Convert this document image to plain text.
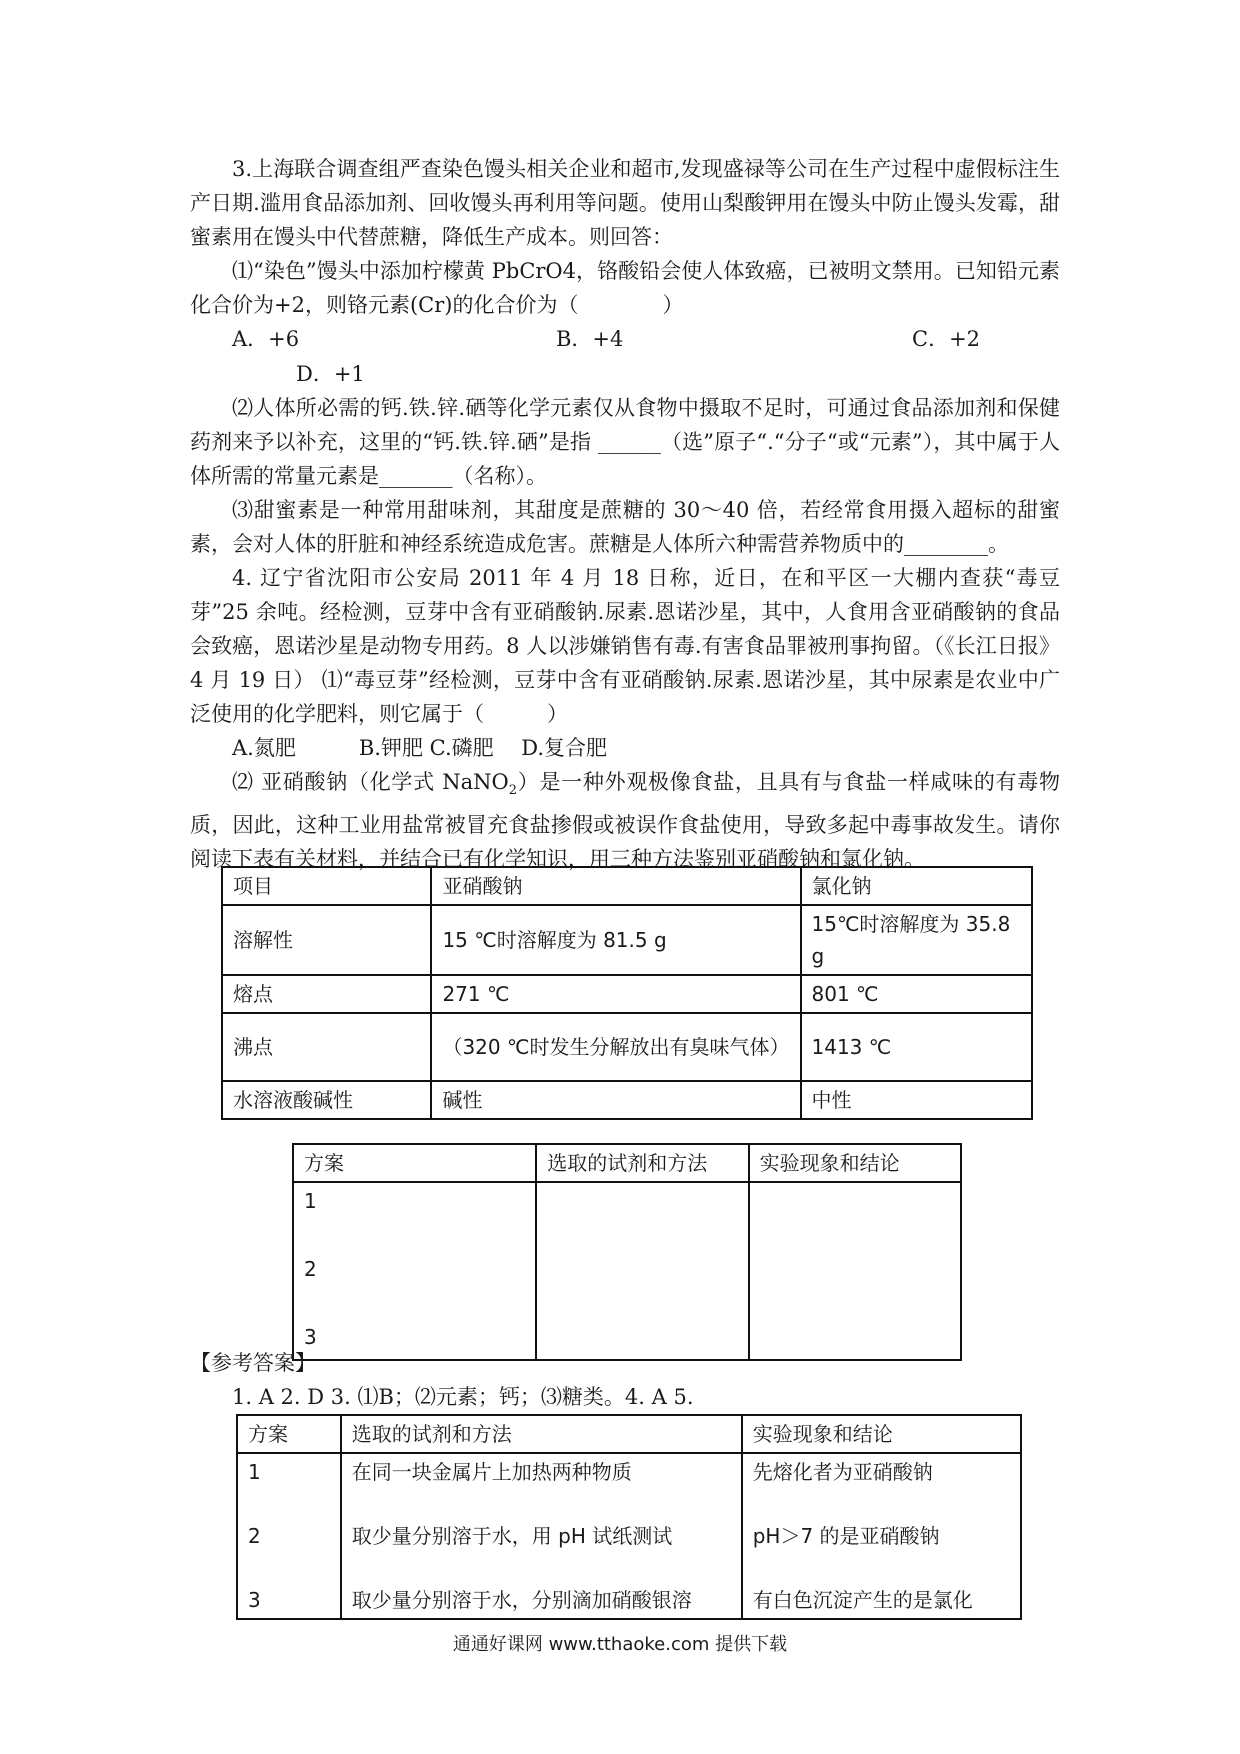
3.上海联合调查组严查染色馒头相关企业和超市,发现盛禄等公司在生产过程中虚假标注生产日期.滥用食品添加剂、回收馒头再利用等问题。使用山梨酸钾用在馒头中防止馒头发霉，甜蜜素用在馒头中代替蔗糖，降低生产成本。则回答：

⑴“染色”馒头中添加柠檬黄 PbCrO4，铬酸铅会使人体致癌，已被明文禁用。已知铅元素化合价为+2，则铬元素(Cr)的化合价为（　　　　）

A．+6	B．+4	C．+2

D．+1

⑵人体所必需的钙.铁.锌.硒等化学元素仅从食物中摄取不足时，可通过食品添加剂和保健药剂来予以补充，这里的“钙.铁.锌.硒”是指 ______（选”原子“.“分子“或“元素”），其中属于人体所需的常量元素是_______（名称）。

⑶甜蜜素是一种常用甜味剂，其甜度是蔗糖的 30～40 倍，若经常食用摄入超标的甜蜜素，会对人体的肝脏和神经系统造成危害。蔗糖是人体所六种需营养物质中的________。

4. 辽宁省沈阳市公安局 2011 年 4 月 18 日称，近日，在和平区一大棚内查获“毒豆芽”25 余吨。经检测，豆芽中含有亚硝酸钠.尿素.恩诺沙星，其中，人食用含亚硝酸钠的食品会致癌，恩诺沙星是动物专用药。8 人以涉嫌销售有毒.有害食品罪被刑事拘留。（《长江日报》 4 月 19 日） ⑴“毒豆芽”经检测，豆芽中含有亚硝酸钠.尿素.恩诺沙星，其中尿素是农业中广泛使用的化学肥料，则它属于（　　　）

A.氮肥　　　B.钾肥 C.磷肥　 D.复合肥

⑵ 亚硝酸钠（化学式 NaNO$_2$）是一种外观极像食盐，且具有与食盐一样咸味的有毒物质，因此，这种工业用盐常被冒充食盐掺假或被误作食盐使用，导致多起中毒事故发生。请你阅读下表有关材料，并结合已有化学知识，用三种方法鉴别亚硝酸钠和氯化钠。

项目	亚硝酸钠	氯化钠
溶解性	15 ℃时溶解度为 81.5 g	15℃时溶解度为 35.8 g
熔点	271 ℃	801 ℃
沸点	（320 ℃时发生分解放出有臭味气体）	1413 ℃
水溶液酸碱性	碱性	中性
方案	选取的试剂和方法	实验现象和结论
1		
2		
3		

【参考答案】

1. A 2. D 3. ⑴B；⑵元素；钙；⑶糖类。4. A 5.

方案	选取的试剂和方法	实验现象和结论
1	在同一块金属片上加热两种物质	先熔化者为亚硝酸钠
2	取少量分别溶于水，用 pH 试纸测试	pH＞7 的是亚硝酸钠
3	取少量分别溶于水，分别滴加硝酸银溶	有白色沉淀产生的是氯化
通通好课网 www.tthaoke.com 提供下载
